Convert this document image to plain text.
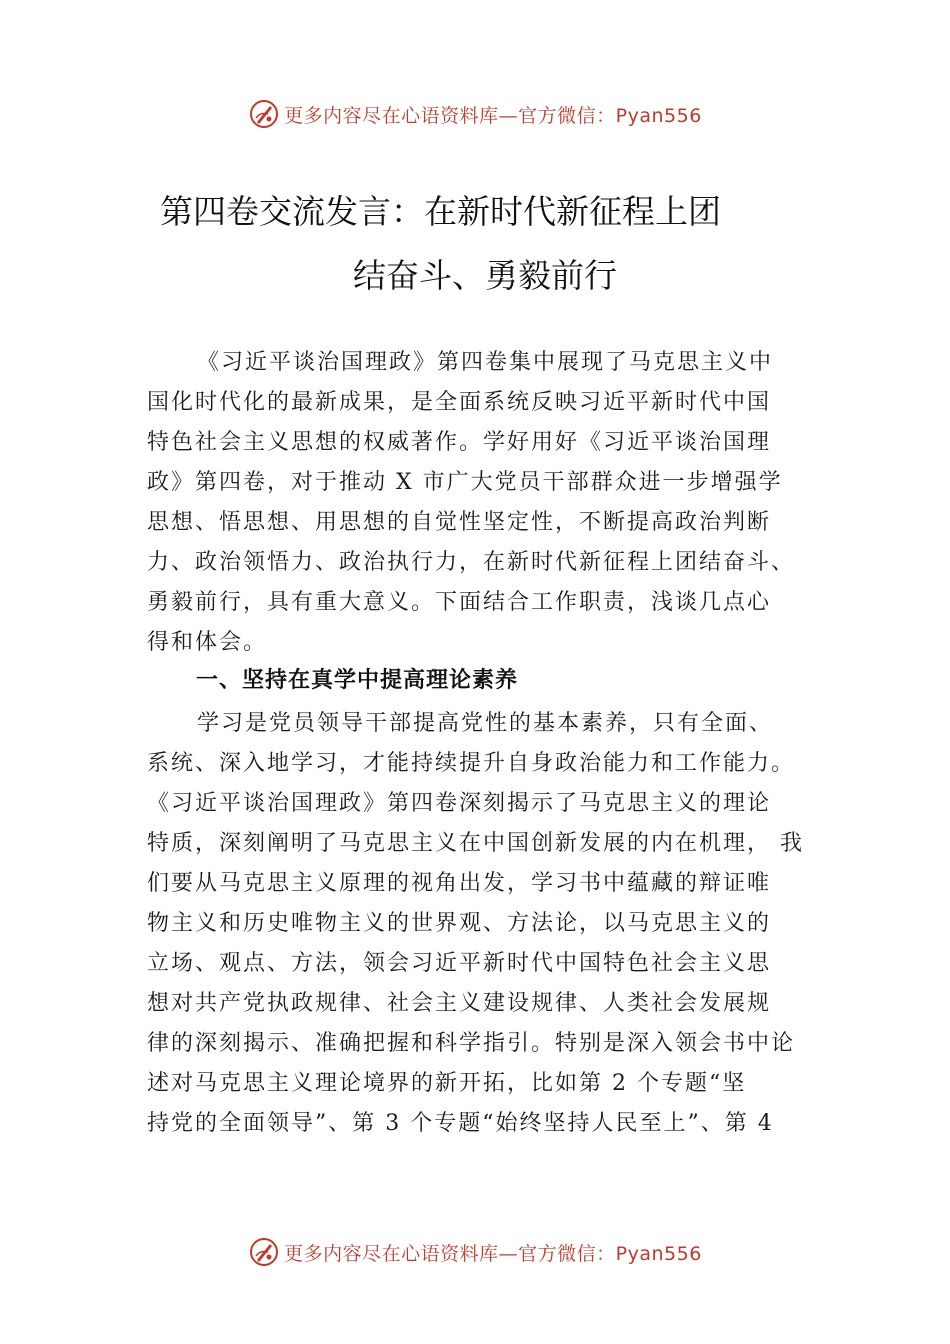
更多内容尽在心语资料库—官方微信：Pyan556
第四卷交流发言：在新时代新征程上团
结奋斗、勇毅前行
《习近平谈治国理政》第四卷集中展现了马克思主义中
国化时代化的最新成果，是全面系统反映习近平新时代中国
特色社会主义思想的权威著作。学好用好《习近平谈治国理
政》第四卷，对于推动 X 市广大党员干部群众进一步增强学
思想、悟思想、用思想的自觉性坚定性，不断提高政治判断
力、政治领悟力、政治执行力，在新时代新征程上团结奋斗、
勇毅前行，具有重大意义。下面结合工作职责，浅谈几点心
得和体会。
一、坚持在真学中提高理论素养
学习是党员领导干部提高党性的基本素养，只有全面、
系统、深入地学习，才能持续提升自身政治能力和工作能力。
《习近平谈治国理政》第四卷深刻揭示了马克思主义的理论
特质，深刻阐明了马克思主义在中国创新发展的内在机理， 我
们要从马克思主义原理的视角出发，学习书中蕴藏的辩证唯
物主义和历史唯物主义的世界观、方法论，以马克思主义的
立场、观点、方法，领会习近平新时代中国特色社会主义思
想对共产党执政规律、社会主义建设规律、人类社会发展规
律的深刻揭示、准确把握和科学指引。特别是深入领会书中论
述对马克思主义理论境界的新开拓，比如第 2 个专题“坚
持党的全面领导”、第 3 个专题“始终坚持人民至上”、第 4
更多内容尽在心语资料库—官方微信：Pyan556
